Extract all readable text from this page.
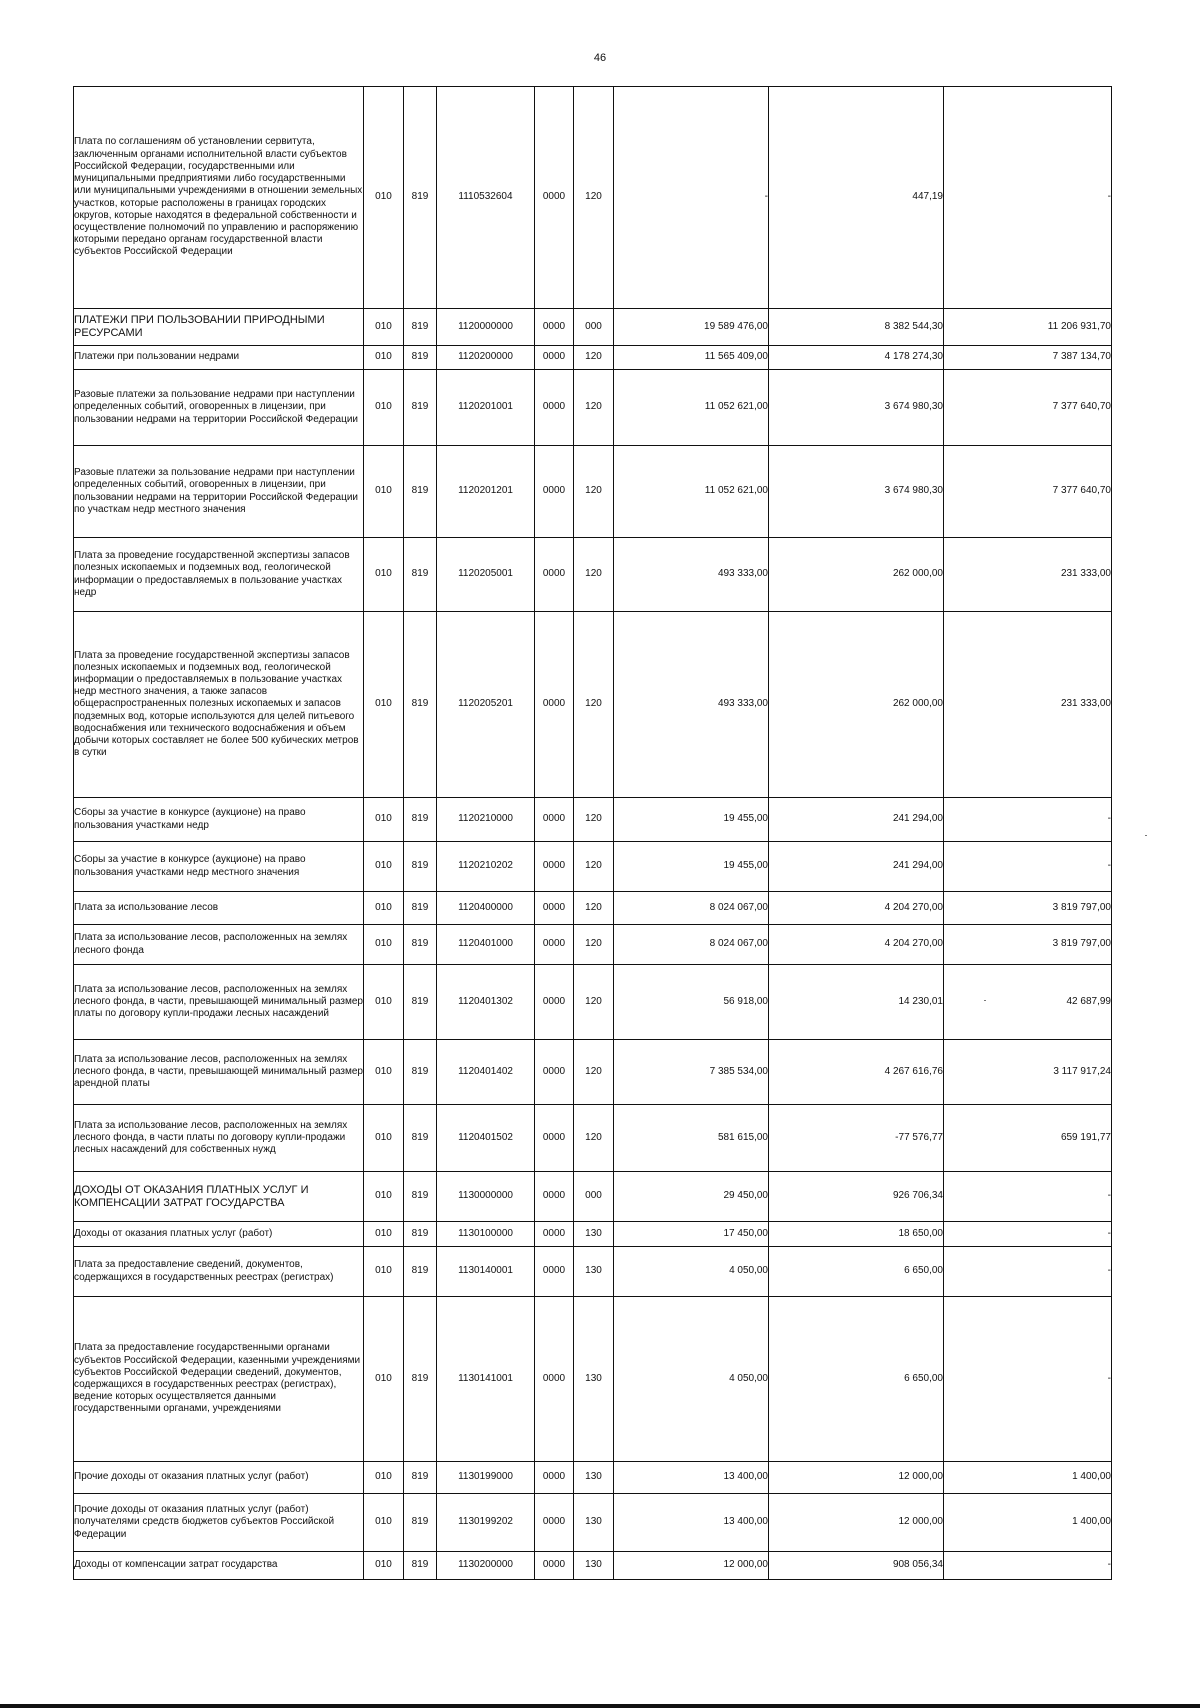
46
Плата по соглашениям об установлении сервитута, заключенным органами исполнительной власти субъектов Российской Федерации, государственными или муниципальными предприятиями либо государственными или муниципальными учреждениями в отношении земельных участков, которые расположены в границах городских округов, которые находятся в федеральной собственности и осуществление полномочий по управлению и распоряжению которыми передано органам государственной власти субъектов Российской Федерации	010	819	1110532604	0000	120	-	447,19	-
ПЛАТЕЖИ ПРИ ПОЛЬЗОВАНИИ ПРИРОДНЫМИ РЕСУРСАМИ	010	819	1120000000	0000	000	19 589 476,00	8 382 544,30	11 206 931,70
Платежи при пользовании недрами	010	819	1120200000	0000	120	11 565 409,00	4 178 274,30	7 387 134,70
Разовые платежи за пользование недрами при наступлении определенных событий, оговоренных в лицензии, при пользовании недрами на территории Российской Федерации	010	819	1120201001	0000	120	11 052 621,00	3 674 980,30	7 377 640,70
Разовые платежи за пользование недрами при наступлении определенных событий, оговоренных в лицензии, при пользовании недрами на территории Российской Федерации по участкам недр местного значения	010	819	1120201201	0000	120	11 052 621,00	3 674 980,30	7 377 640,70
Плата за проведение государственной экспертизы запасов полезных ископаемых и подземных вод, геологической информации о предоставляемых в пользование участках недр	010	819	1120205001	0000	120	493 333,00	262 000,00	231 333,00
Плата за проведение государственной экспертизы запасов полезных ископаемых и подземных вод, геологической информации о предоставляемых в пользование участках недр местного значения, а также запасов общераспространенных полезных ископаемых и запасов подземных вод, которые используются для целей питьевого водоснабжения или технического водоснабжения и объем добычи которых составляет не более 500 кубических метров в сутки	010	819	1120205201	0000	120	493 333,00	262 000,00	231 333,00
Сборы за участие в конкурсе (аукционе) на право пользования участками недр	010	819	1120210000	0000	120	19 455,00	241 294,00	-
Сборы за участие в конкурсе (аукционе) на право пользования участками недр местного значения	010	819	1120210202	0000	120	19 455,00	241 294,00	-
Плата за использование лесов	010	819	1120400000	0000	120	8 024 067,00	4 204 270,00	3 819 797,00
Плата за использование лесов, расположенных на землях лесного фонда	010	819	1120401000	0000	120	8 024 067,00	4 204 270,00	3 819 797,00
Плата за использование лесов, расположенных на землях лесного фонда, в части, превышающей минимальный размер платы по договору купли-продажи лесных насаждений	010	819	1120401302	0000	120	56 918,00	14 230,01	42 687,99
Плата за использование лесов, расположенных на землях лесного фонда, в части, превышающей минимальный размер арендной платы	010	819	1120401402	0000	120	7 385 534,00	4 267 616,76	3 117 917,24
Плата за использование лесов, расположенных на землях лесного фонда, в части платы по договору купли-продажи лесных насаждений для собственных нужд	010	819	1120401502	0000	120	581 615,00	-77 576,77	659 191,77
ДОХОДЫ ОТ ОКАЗАНИЯ ПЛАТНЫХ УСЛУГ И КОМПЕНСАЦИИ ЗАТРАТ ГОСУДАРСТВА	010	819	1130000000	0000	000	29 450,00	926 706,34	-
Доходы от оказания платных услуг (работ)	010	819	1130100000	0000	130	17 450,00	18 650,00	-
Плата за предоставление сведений, документов, содержащихся в государственных реестрах (регистрах)	010	819	1130140001	0000	130	4 050,00	6 650,00	-
Плата за предоставление государственными органами субъектов Российской Федерации, казенными учреждениями субъектов Российской Федерации сведений, документов, содержащихся в государственных реестрах (регистрах), ведение которых осуществляется данными государственными органами, учреждениями	010	819	1130141001	0000	130	4 050,00	6 650,00	-
Прочие доходы от оказания платных услуг (работ)	010	819	1130199000	0000	130	13 400,00	12 000,00	1 400,00
Прочие доходы от оказания платных услуг (работ) получателями средств бюджетов субъектов Российской Федерации	010	819	1130199202	0000	130	13 400,00	12 000,00	1 400,00
Доходы от компенсации затрат государства	010	819	1130200000	0000	130	12 000,00	908 056,34	-
